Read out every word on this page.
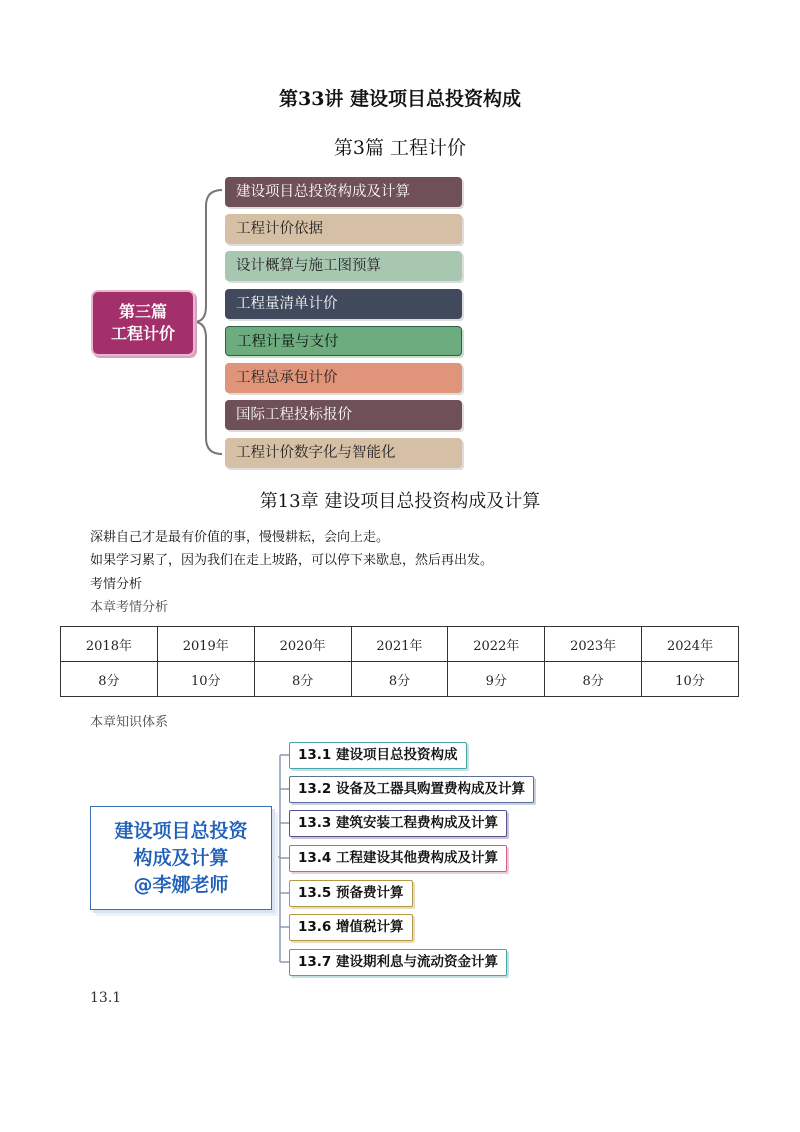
第33讲 建设项目总投资构成
第3篇 工程计价
第三篇
工程计价
建设项目总投资构成及计算
工程计价依据
设计概算与施工图预算
工程量清单计价
工程计量与支付
工程总承包计价
国际工程投标报价
工程计价数字化与智能化
第13章 建设项目总投资构成及计算
深耕自己才是最有价值的事，慢慢耕耘，会向上走。
如果学习累了，因为我们在走上坡路，可以停下来歇息，然后再出发。
考情分析
本章考情分析
2018年	2019年	2020年	2021年	2022年	2023年	2024年
8分	10分	8分	8分	9分	8分	10分
本章知识体系
建设项目总投资
构成及计算
@李娜老师
13.1 建设项目总投资构成
13.2 设备及工器具购置费构成及计算
13.3 建筑安装工程费构成及计算
13.4 工程建设其他费构成及计算
13.5 预备费计算
13.6 增值税计算
13.7 建设期利息与流动资金计算
13.1
